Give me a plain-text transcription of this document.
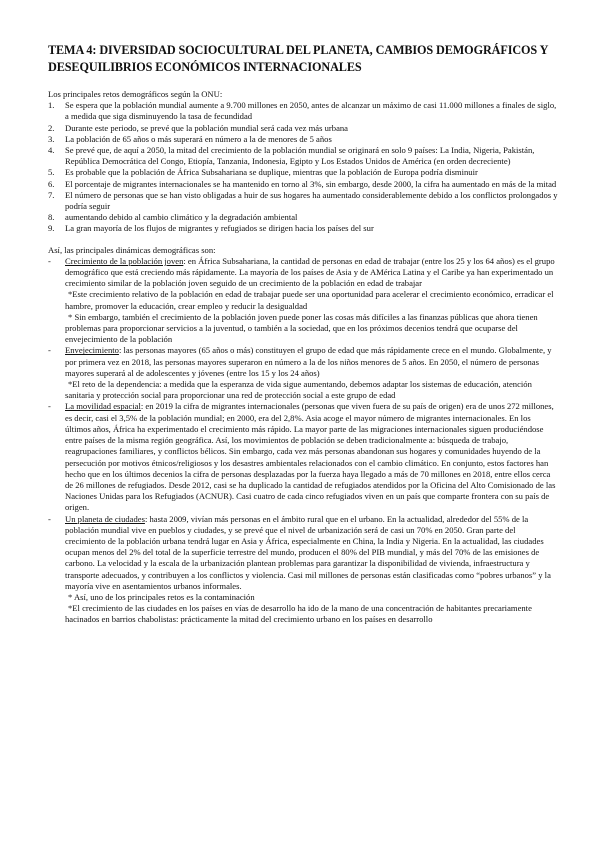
TEMA 4: DIVERSIDAD SOCIOCULTURAL DEL PLANETA, CAMBIOS DEMOGRÁFICOS Y DESEQUILIBRIOS ECONÓMICOS INTERNACIONALES
Los principales retos demográficos según la ONU:
1. Se espera que la población mundial aumente a 9.700 millones en 2050, antes de alcanzar un máximo de casi 11.000 millones a finales de siglo, a medida que siga disminuyendo la tasa de fecundidad
2. Durante este periodo, se prevé que la población mundial será cada vez más urbana
3. La población de 65 años o más superará en número a la de menores de 5 años
4. Se prevé que, de aquí a 2050, la mitad del crecimiento de la población mundial se originará en solo 9 países: La India, Nigeria, Pakistán, República Democrática del Congo, Etiopía, Tanzania, Indonesia, Egipto y Los Estados Unidos de América (en orden decreciente)
5. Es probable que la población de África Subsahariana se duplique, mientras que la población de Europa podría disminuir
6. El porcentaje de migrantes internacionales se ha mantenido en torno al 3%, sin embargo, desde 2000, la cifra ha aumentado en más de la mitad
7. El número de personas que se han visto obligadas a huir de sus hogares ha aumentado considerablemente debido a los conflictos prolongados y podría seguir
8. aumentando debido al cambio climático y la degradación ambiental
9. La gran mayoría de los flujos de migrantes y refugiados se dirigen hacia los países del sur
Así, las principales dinámicas demográficas son:
- Crecimiento de la población joven: en África Subsahariana, la cantidad de personas en edad de trabajar (entre los 25 y los 64 años) es el grupo demográfico que está creciendo más rápidamente. La mayoría de los países de Asia y de AMérica Latina y el Caribe ya han experimentado un crecimiento similar de la población joven seguido de un crecimiento de la población en edad de trabajar
*Este crecimiento relativo de la población en edad de trabajar puede ser una oportunidad para acelerar el crecimiento económico, erradicar el hambre, promover la educación, crear empleo y reducir la desigualdad
* Sin embargo, también el crecimiento de la población joven puede poner las cosas más difíciles a las finanzas públicas que ahora tienen problemas para proporcionar servicios a la juventud, o también a la sociedad, que en los próximos decenios tendrá que ocuparse del envejecimiento de la población
- Envejecimiento: las personas mayores (65 años o más) constituyen el grupo de edad que más rápidamente crece en el mundo. Globalmente, y por primera vez en 2018, las personas mayores superaron en número a la de los niños menores de 5 años. En 2050, el número de personas mayores superará al de adolescentes y jóvenes (entre los 15 y los 24 años)
*El reto de la dependencia: a medida que la esperanza de vida sigue aumentando, debemos adaptar los sistemas de educación, atención sanitaria y protección social para proporcionar una red de protección social a este grupo de edad
- La movilidad espacial: en 2019 la cifra de migrantes internacionales (personas que viven fuera de su país de origen) era de unos 272 millones, es decir, casi el 3,5% de la población mundial; en 2000, era del 2,8%. Asia acoge el mayor número de migrantes internacionales. En los últimos años, África ha experimentado el crecimiento más rápido. La mayor parte de las migraciones internacionales siguen produciéndose entre países de la misma región geográfica. Así, los movimientos de población se deben tradicionalmente a: búsqueda de trabajo, reagrupaciones familiares, y conflictos bélicos. Sin embargo, cada vez más personas abandonan sus hogares y comunidades huyendo de la persecución por motivos étnicos/religiosos y los desastres ambientales relacionados con el cambio climático. En conjunto, estos factores han hecho que en los últimos decenios la cifra de personas desplazadas por la fuerza haya llegado a más de 70 millones en 2018, entre ellos cerca de 26 millones de refugiados. Desde 2012, casi se ha duplicado la cantidad de refugiados atendidos por la Oficina del Alto Comisionado de las Naciones Unidas para los Refugiados (ACNUR). Casi cuatro de cada cinco refugiados viven en un país que comparte frontera con su país de origen.
- Un planeta de ciudades: hasta 2009, vivían más personas en el ámbito rural que en el urbano. En la actualidad, alrededor del 55% de la población mundial vive en pueblos y ciudades, y se prevé que el nivel de urbanización será de casi un 70% en 2050. Gran parte del crecimiento de la población urbana tendrá lugar en Asia y África, especialmente en China, la India y Nigeria. En la actualidad, las ciudades ocupan menos del 2% del total de la superficie terrestre del mundo, producen el 80% del PIB mundial, y más del 70% de las emisiones de carbono. La velocidad y la escala de la urbanización plantean problemas para garantizar la disponibilidad de vivienda, infraestructura y transporte adecuados, y contribuyen a los conflictos y violencia. Casi mil millones de personas están clasificadas como “pobres urbanos” y la mayoría vive en asentamientos urbanos informales.
* Así, uno de los principales retos es la contaminación
*El crecimiento de las ciudades en los países en vías de desarrollo ha ido de la mano de una concentración de habitantes precariamente hacinados en barrios chabolistas: prácticamente la mitad del crecimiento urbano en los países en desarrollo
